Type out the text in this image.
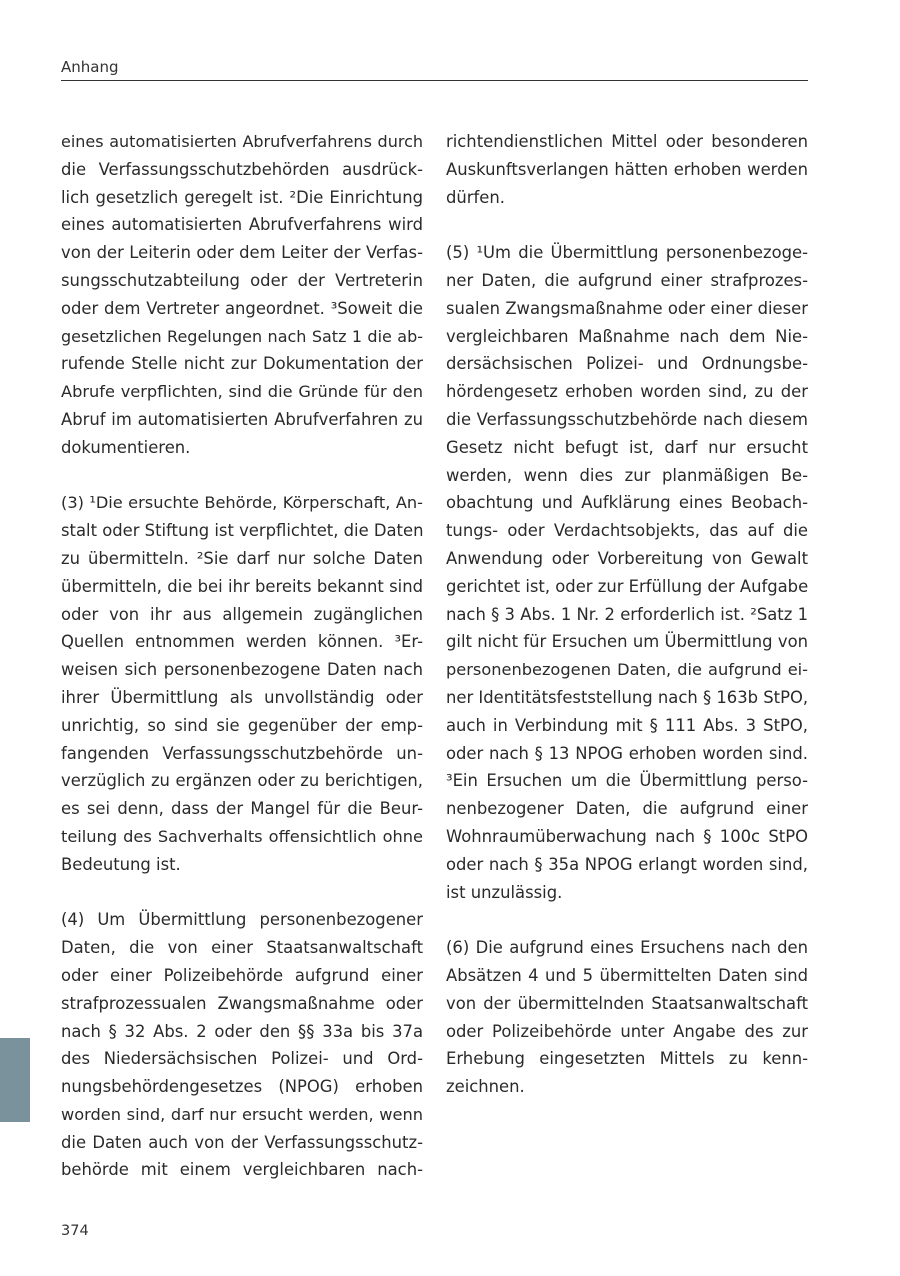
Anhang
eines automatisierten Abrufverfahrens durch
die Verfassungsschutzbehörden ausdrück-
lich gesetzlich geregelt ist. ²Die Einrichtung
eines automatisierten Abrufverfahrens wird
von der Leiterin oder dem Leiter der Verfas-
sungsschutzabteilung oder der Vertreterin
oder dem Vertreter angeordnet. ³Soweit die
gesetzlichen Regelungen nach Satz 1 die ab-
rufende Stelle nicht zur Dokumentation der
Abrufe verpflichten, sind die Gründe für den
Abruf im automatisierten Abrufverfahren zu
dokumentieren.
(3) ¹Die ersuchte Behörde, Körperschaft, An-
stalt oder Stiftung ist verpflichtet, die Daten
zu übermitteln. ²Sie darf nur solche Daten
übermitteln, die bei ihr bereits bekannt sind
oder von ihr aus allgemein zugänglichen
Quellen entnommen werden können. ³Er-
weisen sich personenbezogene Daten nach
ihrer Übermittlung als unvollständig oder
unrichtig, so sind sie gegenüber der emp-
fangenden Verfassungsschutzbehörde un-
verzüglich zu ergänzen oder zu berichtigen,
es sei denn, dass der Mangel für die Beur-
teilung des Sachverhalts offensichtlich ohne
Bedeutung ist.
(4) Um Übermittlung personenbezogener
Daten, die von einer Staatsanwaltschaft
oder einer Polizeibehörde aufgrund einer
strafprozessualen Zwangsmaßnahme oder
nach § 32 Abs. 2 oder den §§ 33a bis 37a
des Niedersächsischen Polizei- und Ord-
nungsbehördengesetzes (NPOG) erhoben
worden sind, darf nur ersucht werden, wenn
die Daten auch von der Verfassungsschutz-
behörde mit einem vergleichbaren nach-
richtendienstlichen Mittel oder besonderen
Auskunftsverlangen hätten erhoben werden
dürfen.
(5) ¹Um die Übermittlung personenbezoge-
ner Daten, die aufgrund einer strafprozes-
sualen Zwangsmaßnahme oder einer dieser
vergleichbaren Maßnahme nach dem Nie-
dersächsischen Polizei- und Ordnungsbe-
hördengesetz erhoben worden sind, zu der
die Verfassungsschutzbehörde nach diesem
Gesetz nicht befugt ist, darf nur ersucht
werden, wenn dies zur planmäßigen Be-
obachtung und Aufklärung eines Beobach-
tungs- oder Verdachtsobjekts, das auf die
Anwendung oder Vorbereitung von Gewalt
gerichtet ist, oder zur Erfüllung der Aufgabe
nach § 3 Abs. 1 Nr. 2 erforderlich ist. ²Satz 1
gilt nicht für Ersuchen um Übermittlung von
personenbezogenen Daten, die aufgrund ei-
ner Identitätsfeststellung nach § 163b StPO,
auch in Verbindung mit § 111 Abs. 3 StPO,
oder nach § 13 NPOG erhoben worden sind.
³Ein Ersuchen um die Übermittlung perso-
nenbezogener Daten, die aufgrund einer
Wohnraumüberwachung nach § 100c StPO
oder nach § 35a NPOG erlangt worden sind,
ist unzulässig.
(6) Die aufgrund eines Ersuchens nach den
Absätzen 4 und 5 übermittelten Daten sind
von der übermittelnden Staatsanwaltschaft
oder Polizeibehörde unter Angabe des zur
Erhebung eingesetzten Mittels zu kenn-
zeichnen.
374
